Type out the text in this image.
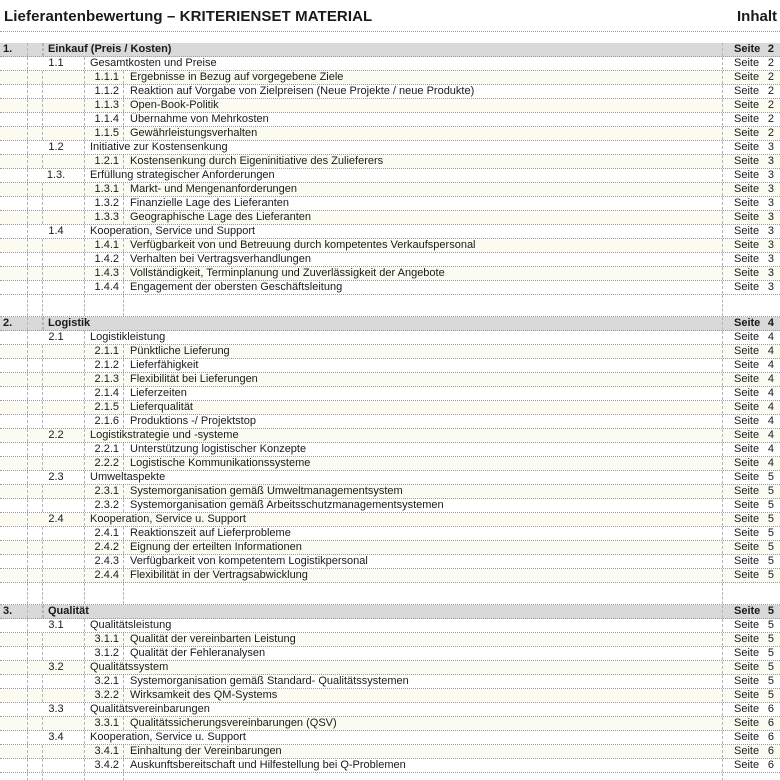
Lieferantenbewertung – KRITERIENSET MATERIAL	Inhalt
1.	Einkauf (Preis / Kosten)	Seite 2
1.1	Gesamtkosten und Preise	Seite 2
1.1.1	Ergebnisse in Bezug auf vorgegebene Ziele	Seite 2
1.1.2	Reaktion auf Vorgabe von Zielpreisen (Neue Projekte / neue Produkte)	Seite 2
1.1.3	Open-Book-Politik	Seite 2
1.1.4	Übernahme von Mehrkosten	Seite 2
1.1.5	Gewährleistungsverhalten	Seite 2
1.2	Initiative zur Kostensenkung	Seite 3
1.2.1	Kostensenkung durch Eigeninitiative des Zulieferers	Seite 3
1.3.	Erfüllung strategischer Anforderungen	Seite 3
1.3.1	Markt- und Mengenanforderungen	Seite 3
1.3.2	Finanzielle Lage des Lieferanten	Seite 3
1.3.3	Geographische Lage des Lieferanten	Seite 3
1.4	Kooperation, Service und Support	Seite 3
1.4.1	Verfügbarkeit von und Betreuung durch kompetentes Verkaufspersonal	Seite 3
1.4.2	Verhalten bei Vertragsverhandlungen	Seite 3
1.4.3	Vollständigkeit, Terminplanung und Zuverlässigkeit der Angebote	Seite 3
1.4.4	Engagement der obersten Geschäftsleitung	Seite 3
2.	Logistik	Seite 4
2.1	Logistikleistung	Seite 4
2.1.1	Pünktliche Lieferung	Seite 4
2.1.2	Lieferfähigkeit	Seite 4
2.1.3	Flexibilität bei Lieferungen	Seite 4
2.1.4	Lieferzeiten	Seite 4
2.1.5	Lieferqualität	Seite 4
2.1.6	Produktions -/ Projektstop	Seite 4
2.2	Logistikstrategie und -systeme	Seite 4
2.2.1	Unterstützung logistischer Konzepte	Seite 4
2.2.2	Logistische Kommunikationssysteme	Seite 4
2.3	Umweltaspekte	Seite 5
2.3.1	Systemorganisation gemäß Umweltmanagementsystem	Seite 5
2.3.2	Systemorganisation gemäß Arbeitsschutzmanagementsystemen	Seite 5
2.4	Kooperation, Service u. Support	Seite 5
2.4.1	Reaktionszeit auf Lieferprobleme	Seite 5
2.4.2	Eignung der erteilten Informationen	Seite 5
2.4.3	Verfügbarkeit von kompetentem Logistikpersonal	Seite 5
2.4.4	Flexibilität in der Vertragsabwicklung	Seite 5
3.	Qualität	Seite 5
3.1	Qualitätsleistung	Seite 5
3.1.1	Qualität der vereinbarten Leistung	Seite 5
3.1.2	Qualität der Fehleranalysen	Seite 5
3.2	Qualitätssystem	Seite 5
3.2.1	Systemorganisation gemäß Standard- Qualitätssystemen	Seite 5
3.2.2	Wirksamkeit des QM-Systems	Seite 5
3.3	Qualitätsvereinbarungen	Seite 6
3.3.1	Qualitätssicherungsvereinbarungen (QSV)	Seite 6
3.4	Kooperation, Service u. Support	Seite 6
3.4.1	Einhaltung der Vereinbarungen	Seite 6
3.4.2	Auskunftsbereitschaft und Hilfestellung bei Q-Problemen	Seite 6
